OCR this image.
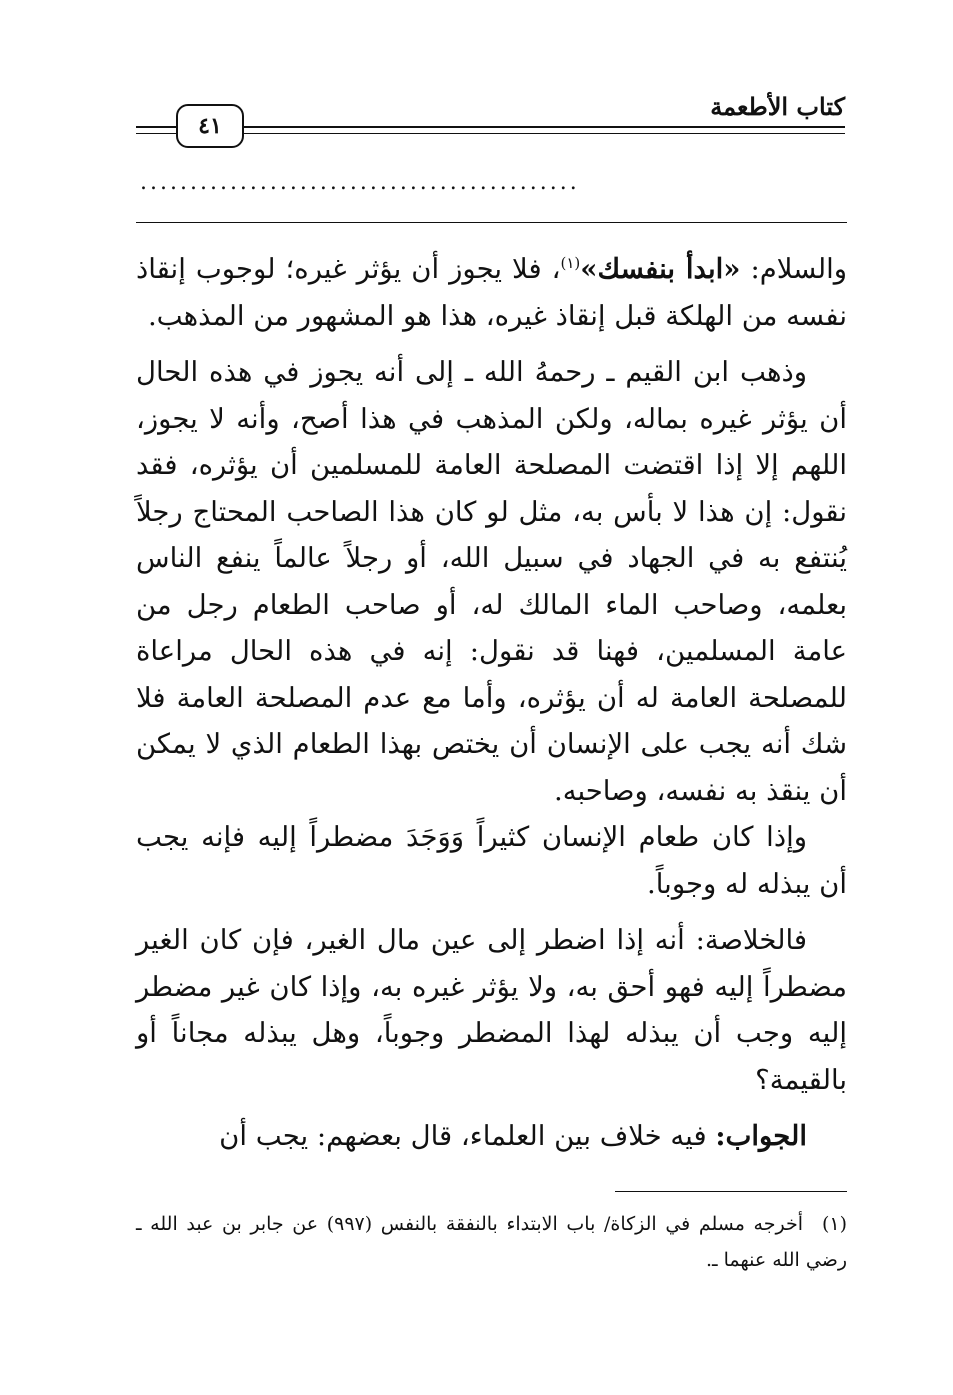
كتاب الأطعمة
٤١
............................................

والسلام: «ابدأ بنفسك»$^{(١)}$، فلا يجوز أن يؤثر غيره؛ لوجوب إنقاذ نفسه من الهلكة قبل إنقاذ غيره، هذا هو المشهور من المذهب.

وذهب ابن القيم ـ رحمهُ الله ـ إلى أنه يجوز في هذه الحال أن يؤثر غيره بماله، ولكن المذهب في هذا أصح، وأنه لا يجوز، اللهم إلا إذا اقتضت المصلحة العامة للمسلمين أن يؤثره، فقد نقول: إن هذا لا بأس به، مثل لو كان هذا الصاحب المحتاج رجلاً يُنتفع به في الجهاد في سبيل الله، أو رجلاً عالماً ينفع الناس بعلمه، وصاحب الماء المالك له، أو صاحب الطعام رجل من عامة المسلمين، فهنا قد نقول: إنه في هذه الحال مراعاة للمصلحة العامة له أن يؤثره، وأما مع عدم المصلحة العامة فلا شك أنه يجب على الإنسان أن يختص بهذا الطعام الذي لا يمكن أن ينقذ به نفسه، وصاحبه.

وإذا كان طعام الإنسان كثيراً وَوَجَدَ مضطراً إليه فإنه يجب أن يبذله له وجوباً.

فالخلاصة: أنه إذا اضطر إلى عين مال الغير، فإن كان الغير مضطراً إليه فهو أحق به، ولا يؤثر غيره به، وإذا كان غير مضطر إليه وجب أن يبذله لهذا المضطر وجوباً، وهل يبذله مجاناً أو بالقيمة؟

الجواب: فيه خلاف بين العلماء، قال بعضهم: يجب أن

(١)أخرجه مسلم في الزكاة/ باب الابتداء بالنفقة بالنفس (٩٩٧) عن جابر بن عبد الله ـ رضي الله عنهما ـ.
